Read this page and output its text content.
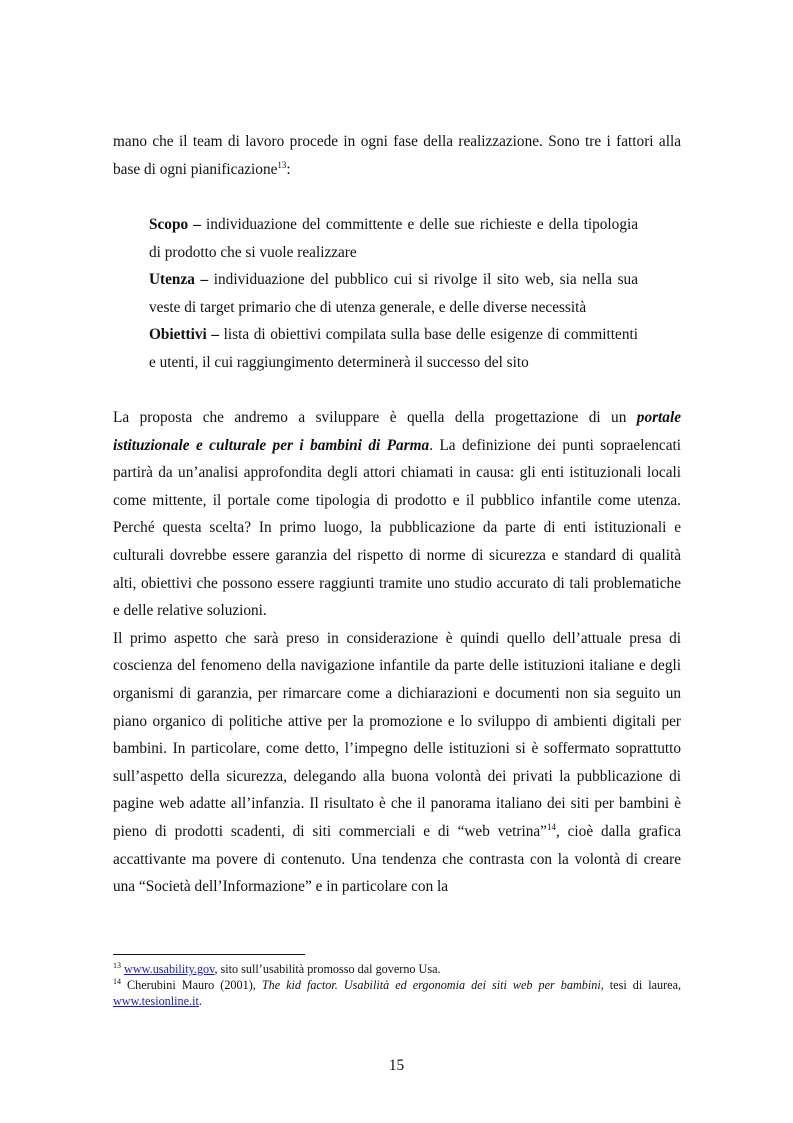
mano che il team di lavoro procede in ogni fase della realizzazione. Sono tre i fattori alla base di ogni pianificazione$^{13}$:

Scopo – individuazione del committente e delle sue richieste e della tipologia di prodotto che si vuole realizzare

Utenza – individuazione del pubblico cui si rivolge il sito web, sia nella sua veste di target primario che di utenza generale, e delle diverse necessità

Obiettivi – lista di obiettivi compilata sulla base delle esigenze di committenti e utenti, il cui raggiungimento determinerà il successo del sito

La proposta che andremo a sviluppare è quella della progettazione di un portale istituzionale e culturale per i bambini di Parma. La definizione dei punti sopraelencati partirà da un’analisi approfondita degli attori chiamati in causa: gli enti istituzionali locali come mittente, il portale come tipologia di prodotto e il pubblico infantile come utenza. Perché questa scelta? In primo luogo, la pubblicazione da parte di enti istituzionali e culturali dovrebbe essere garanzia del rispetto di norme di sicurezza e standard di qualità alti, obiettivi che possono essere raggiunti tramite uno studio accurato di tali problematiche e delle relative soluzioni.

Il primo aspetto che sarà preso in considerazione è quindi quello dell’attuale presa di coscienza del fenomeno della navigazione infantile da parte delle istituzioni italiane e degli organismi di garanzia, per rimarcare come a dichiarazioni e documenti non sia seguito un piano organico di politiche attive per la promozione e lo sviluppo di ambienti digitali per bambini. In particolare, come detto, l’impegno delle istituzioni si è soffermato soprattutto sull’aspetto della sicurezza, delegando alla buona volontà dei privati la pubblicazione di pagine web adatte all’infanzia. Il risultato è che il panorama italiano dei siti per bambini è pieno di prodotti scadenti, di siti commerciali e di “web vetrina”$^{14}$, cioè dalla grafica accattivante ma povere di contenuto. Una tendenza che contrasta con la volontà di creare una “Società dell’Informazione” e in particolare con la

$^{13}$ www.usability.gov, sito sull’usabilità promosso dal governo Usa.

$^{14}$ Cherubini Mauro (2001), The kid factor. Usabilità ed ergonomia dei siti web per bambini, tesi di laurea, www.tesionline.it.

15
